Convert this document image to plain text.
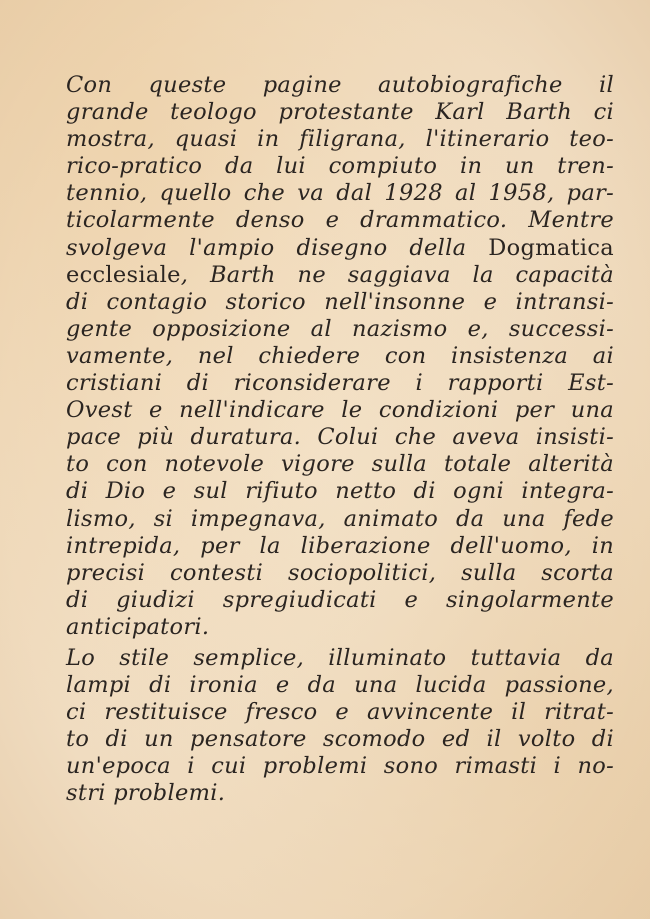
Con queste pagine autobiografiche il
grande teologo protestante Karl Barth ci
mostra, quasi in filigrana, l'itinerario teo-
rico-pratico da lui compiuto in un tren-
tennio, quello che va dal 1928 al 1958, par-
ticolarmente denso e drammatico. Mentre
svolgeva l'ampio disegno della Dogmatica
ecclesiale, Barth ne saggiava la capacità
di contagio storico nell'insonne e intransi-
gente opposizione al nazismo e, successi-
vamente, nel chiedere con insistenza ai
cristiani di riconsiderare i rapporti Est-
Ovest e nell'indicare le condizioni per una
pace più duratura. Colui che aveva insisti-
to con notevole vigore sulla totale alterità
di Dio e sul rifiuto netto di ogni integra-
lismo, si impegnava, animato da una fede
intrepida, per la liberazione dell'uomo, in
precisi contesti sociopolitici, sulla scorta
di giudizi spregiudicati e singolarmente
anticipatori.
Lo stile semplice, illuminato tuttavia da
lampi di ironia e da una lucida passione,
ci restituisce fresco e avvincente il ritrat-
to di un pensatore scomodo ed il volto di
un'epoca i cui problemi sono rimasti i no-
stri problemi.
